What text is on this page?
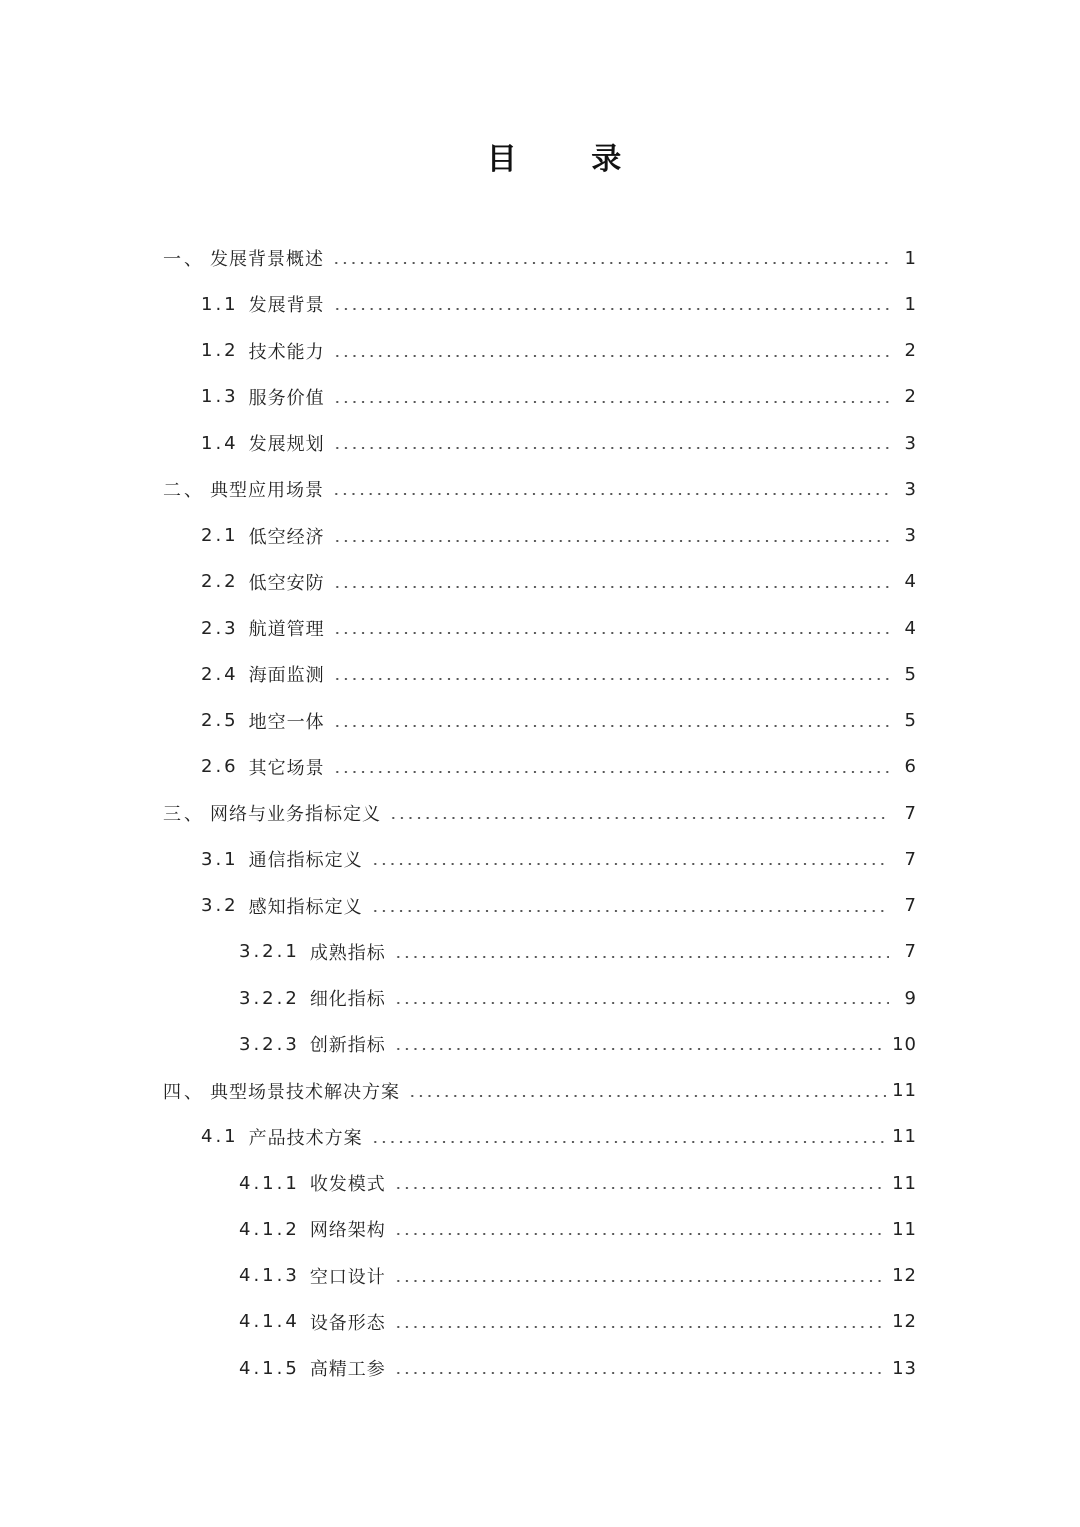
目 录
一、 发展背景概述	1
1.1 发展背景	1
1.2 技术能力	2
1.3 服务价值	2
1.4 发展规划	3
二、 典型应用场景	3
2.1 低空经济	3
2.2 低空安防	4
2.3 航道管理	4
2.4 海面监测	5
2.5 地空一体	5
2.6 其它场景	6
三、 网络与业务指标定义	7
3.1 通信指标定义	7
3.2 感知指标定义	7
3.2.1 成熟指标	7
3.2.2 细化指标	9
3.2.3 创新指标	10
四、 典型场景技术解决方案	11
4.1 产品技术方案	11
4.1.1 收发模式	11
4.1.2 网络架构	11
4.1.3 空口设计	12
4.1.4 设备形态	12
4.1.5 高精工参	13
